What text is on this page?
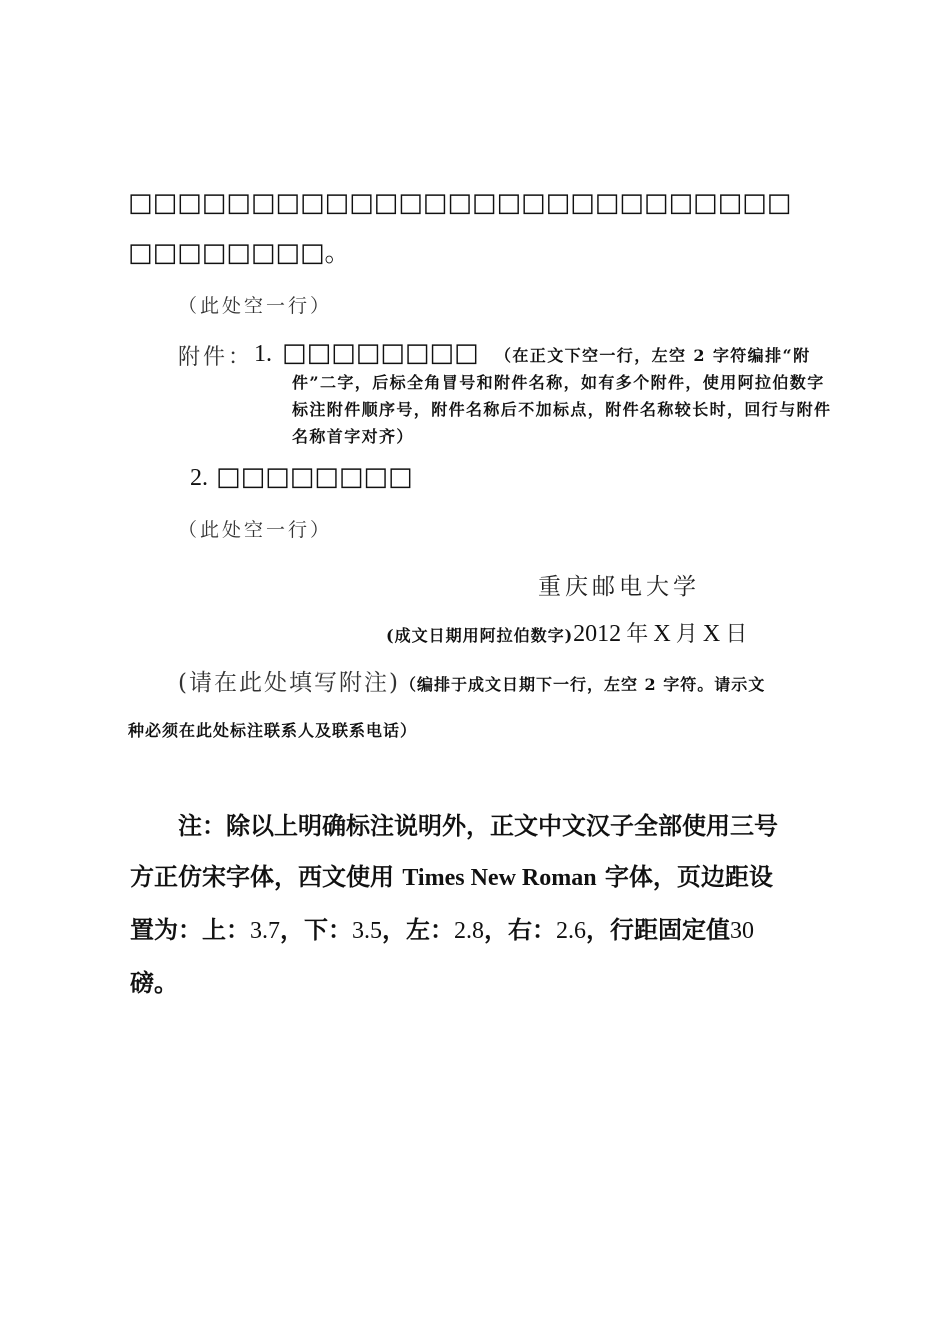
□□□□□□□□□□□□□□□□□□□□□□□□□□□
□□□□□□□□。
（此处空一行）
附件： 1. □□□□□□□□	（在正文下空一行，左空 2 字符编排“附件”二字，后标全角冒号和附件名称，如有多个附件，使用阿拉伯数字标注附件顺序号，附件名称后不加标点，附件名称较长时，回行与附件名称首字对齐）
2. □□□□□□□□
（此处空一行）
重庆邮电大学
(成文日期用阿拉伯数字)2012 年 X 月 X 日
(请在此处填写附注)（编排于成文日期下一行，左空 2 字符。请示文
种必须在此处标注联系人及联系电话）
注：除以上明确标注说明外，正文中文汉子全部使用三号方正仿宋字体，西文使用 Times New Roman 字体，页边距设置为：上：3.7，下：3.5，左：2.8，右：2.6，行距固定值30磅。
